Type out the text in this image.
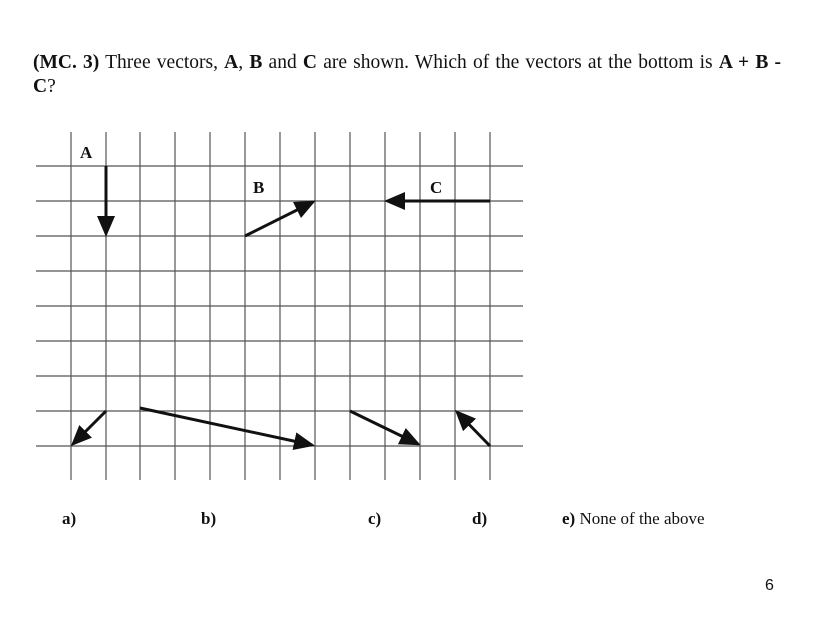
(MC. 3) Three vectors, A, B and C are shown. Which of the vectors at the bottom is A + B - C?
A
B	C
a)	b)	c)	d)	e) None of the above
6
